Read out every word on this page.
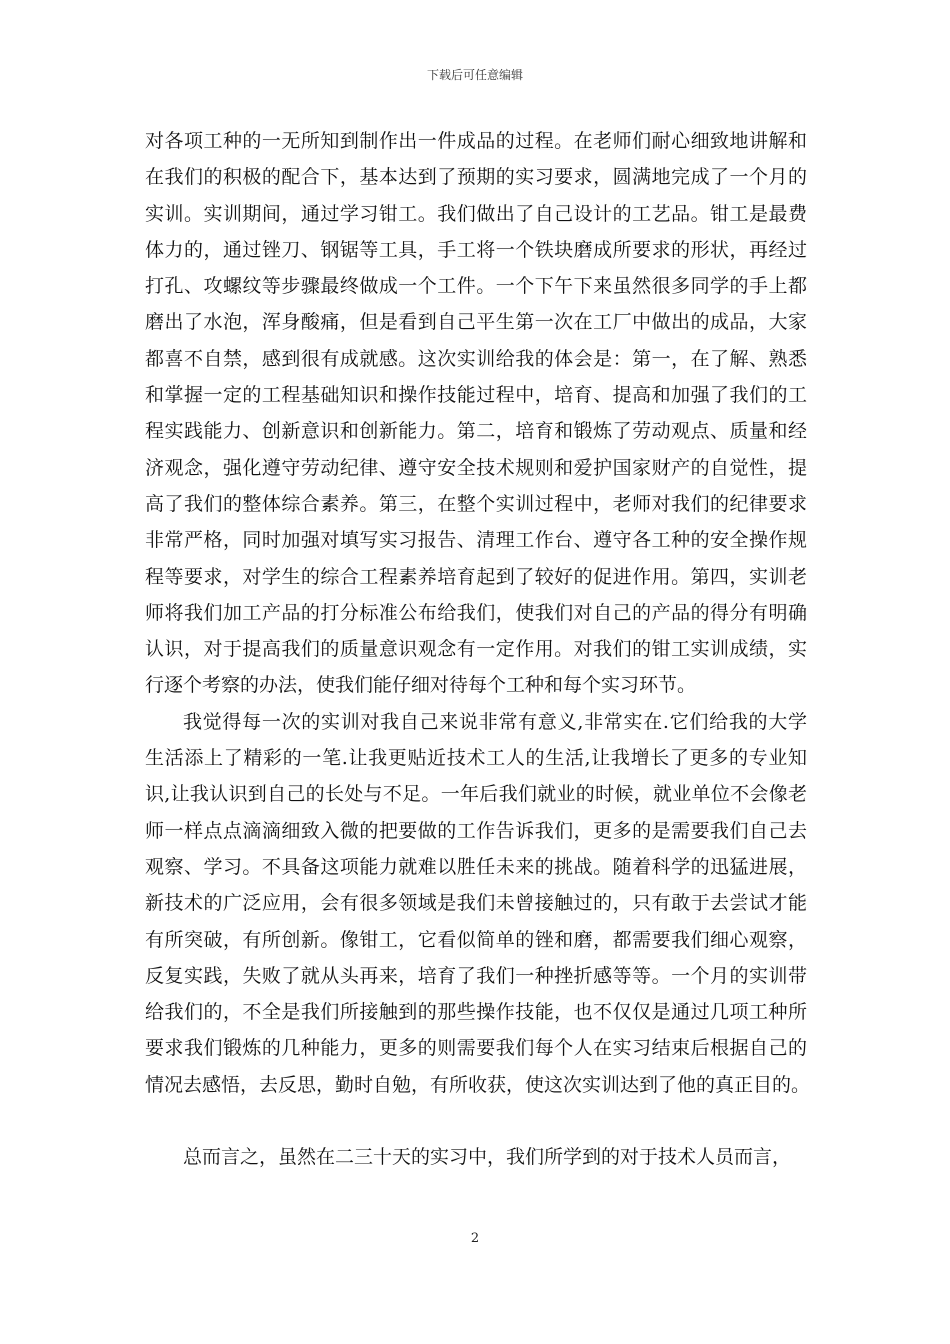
下载后可任意编辑
对各项工种的一无所知到制作出一件成品的过程。在老师们耐心细致地讲解和
在我们的积极的配合下，基本达到了预期的实习要求，圆满地完成了一个月的
实训。实训期间，通过学习钳工。我们做出了自己设计的工艺品。钳工是最费
体力的，通过锉刀、钢锯等工具，手工将一个铁块磨成所要求的形状，再经过
打孔、攻螺纹等步骤最终做成一个工件。一个下午下来虽然很多同学的手上都
磨出了水泡，浑身酸痛，但是看到自己平生第一次在工厂中做出的成品，大家
都喜不自禁，感到很有成就感。这次实训给我的体会是：第一，在了解、熟悉
和掌握一定的工程基础知识和操作技能过程中，培育、提高和加强了我们的工
程实践能力、创新意识和创新能力。第二，培育和锻炼了劳动观点、质量和经
济观念，强化遵守劳动纪律、遵守安全技术规则和爱护国家财产的自觉性，提
高了我们的整体综合素养。第三，在整个实训过程中，老师对我们的纪律要求
非常严格，同时加强对填写实习报告、清理工作台、遵守各工种的安全操作规
程等要求，对学生的综合工程素养培育起到了较好的促进作用。第四，实训老
师将我们加工产品的打分标准公布给我们，使我们对自己的产品的得分有明确
认识，对于提高我们的质量意识观念有一定作用。对我们的钳工实训成绩，实
行逐个考察的办法，使我们能仔细对待每个工种和每个实习环节。
我觉得每一次的实训对我自己来说非常有意义,非常实在.它们给我的大学
生活添上了精彩的一笔.让我更贴近技术工人的生活,让我增长了更多的专业知
识,让我认识到自己的长处与不足。一年后我们就业的时候，就业单位不会像老
师一样点点滴滴细致入微的把要做的工作告诉我们，更多的是需要我们自己去
观察、学习。不具备这项能力就难以胜任未来的挑战。随着科学的迅猛进展，
新技术的广泛应用，会有很多领域是我们未曾接触过的，只有敢于去尝试才能
有所突破，有所创新。像钳工，它看似简单的锉和磨，都需要我们细心观察，
反复实践，失败了就从头再来，培育了我们一种挫折感等等。一个月的实训带
给我们的，不全是我们所接触到的那些操作技能，也不仅仅是通过几项工种所
要求我们锻炼的几种能力，更多的则需要我们每个人在实习结束后根据自己的
情况去感悟，去反思，勤时自勉，有所收获，使这次实训达到了他的真正目的。
总而言之，虽然在二三十天的实习中，我们所学到的对于技术人员而言，
2
